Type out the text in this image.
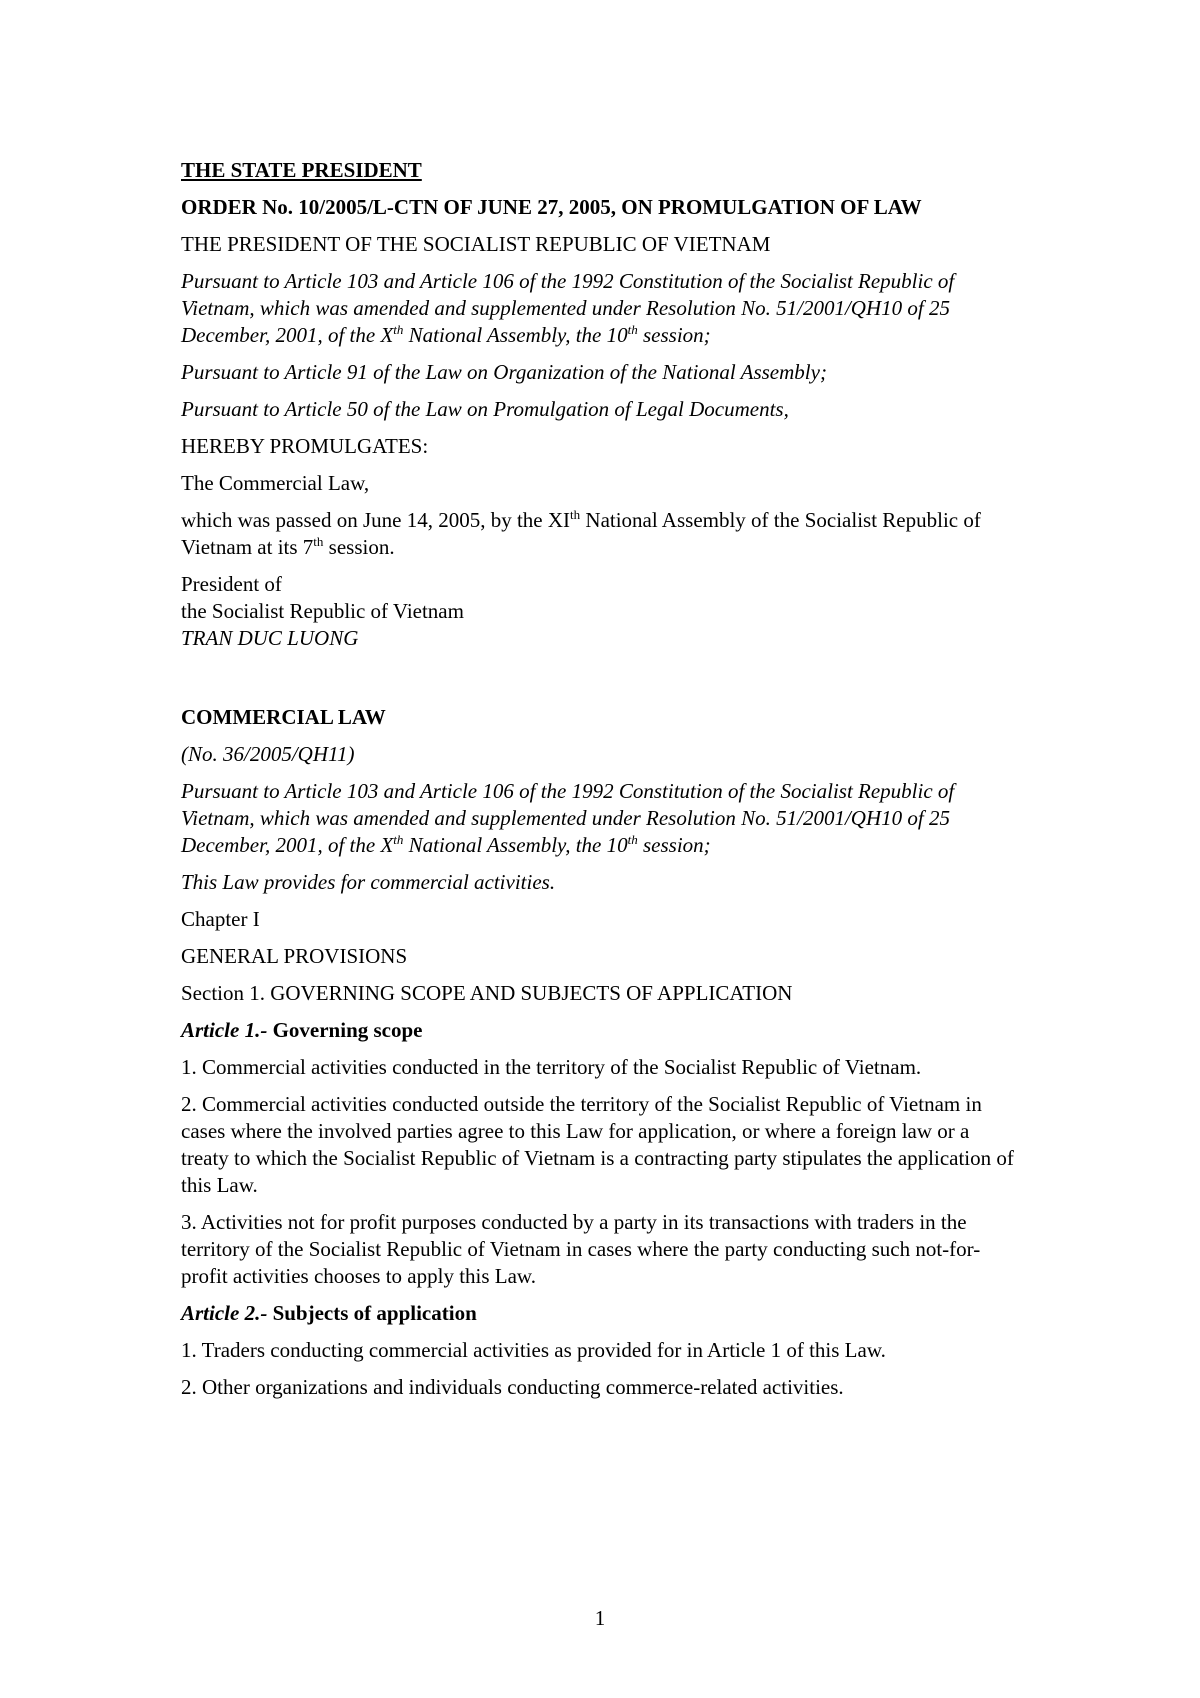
THE STATE PRESIDENT

ORDER No. 10/2005/L-CTN OF JUNE 27, 2005, ON PROMULGATION OF LAW

THE PRESIDENT OF THE SOCIALIST REPUBLIC OF VIETNAM

Pursuant to Article 103 and Article 106 of the 1992 Constitution of the Socialist Republic of Vietnam, which was amended and supplemented under Resolution No. 51/2001/QH10 of 25 December, 2001, of the Xth National Assembly, the 10th session;

Pursuant to Article 91 of the Law on Organization of the National Assembly;

Pursuant to Article 50 of the Law on Promulgation of Legal Documents,

HEREBY PROMULGATES:

The Commercial Law,

which was passed on June 14, 2005, by the XIth National Assembly of the Socialist Republic of Vietnam at its 7th session.

President of
the Socialist Republic of Vietnam
TRAN DUC LUONG

COMMERCIAL LAW

(No. 36/2005/QH11)

Pursuant to Article 103 and Article 106 of the 1992 Constitution of the Socialist Republic of Vietnam, which was amended and supplemented under Resolution No. 51/2001/QH10 of 25 December, 2001, of the Xth National Assembly, the 10th session;

This Law provides for commercial activities.

Chapter I

GENERAL PROVISIONS

Section 1. GOVERNING SCOPE AND SUBJECTS OF APPLICATION

Article 1.- Governing scope

1. Commercial activities conducted in the territory of the Socialist Republic of Vietnam.

2. Commercial activities conducted outside the territory of the Socialist Republic of Vietnam in cases where the involved parties agree to this Law for application, or where a foreign law or a treaty to which the Socialist Republic of Vietnam is a contracting party stipulates the application of this Law.

3. Activities not for profit purposes conducted by a party in its transactions with traders in the territory of the Socialist Republic of Vietnam in cases where the party conducting such not-for-profit activities chooses to apply this Law.

Article 2.- Subjects of application

1. Traders conducting commercial activities as provided for in Article 1 of this Law.

2. Other organizations and individuals conducting commerce-related activities.

1
